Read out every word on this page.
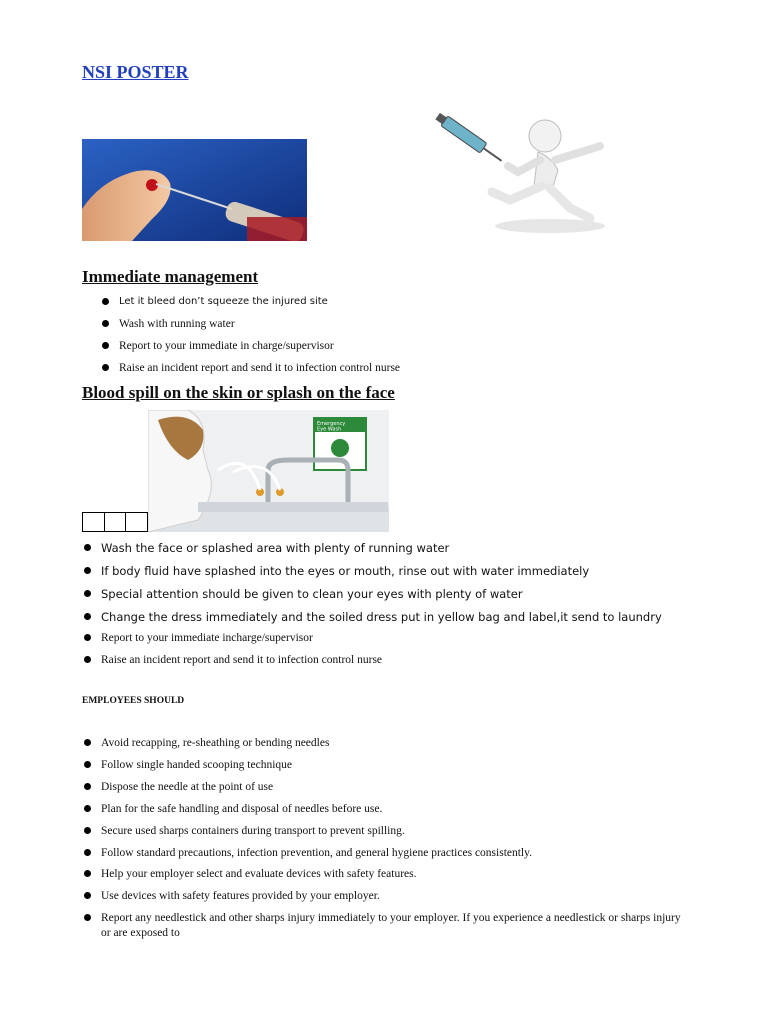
NSI POSTER
Immediate management
Let it bleed don’t squeeze the injured site
Wash with running water
Report to your immediate in charge/supervisor
Raise an incident report and send it to infection control nurse
Blood spill on the skin or splash on the face
Emergency
Eye Wash
Wash the face or splashed area with plenty of running water
If body fluid have splashed into the eyes or mouth, rinse out with water immediately
Special attention should be given to clean your eyes with plenty of water
Change the dress immediately and the soiled dress put in yellow bag and label,it send to laundry
Report to your immediate incharge/supervisor
Raise an incident report and send it to infection control nurse
EMPLOYEES SHOULD
Avoid recapping, re-sheathing or bending needles
Follow single handed scooping technique
Dispose the needle at the point of use
Plan for the safe handling and disposal of needles before use.
Secure used sharps containers during transport to prevent spilling.
Follow standard precautions, infection prevention, and general hygiene practices consistently.
Help your employer select and evaluate devices with safety features.
Use devices with safety features provided by your employer.
Report any needlestick and other sharps injury immediately to your employer. If you experience a needlestick or sharps injury or are exposed to
